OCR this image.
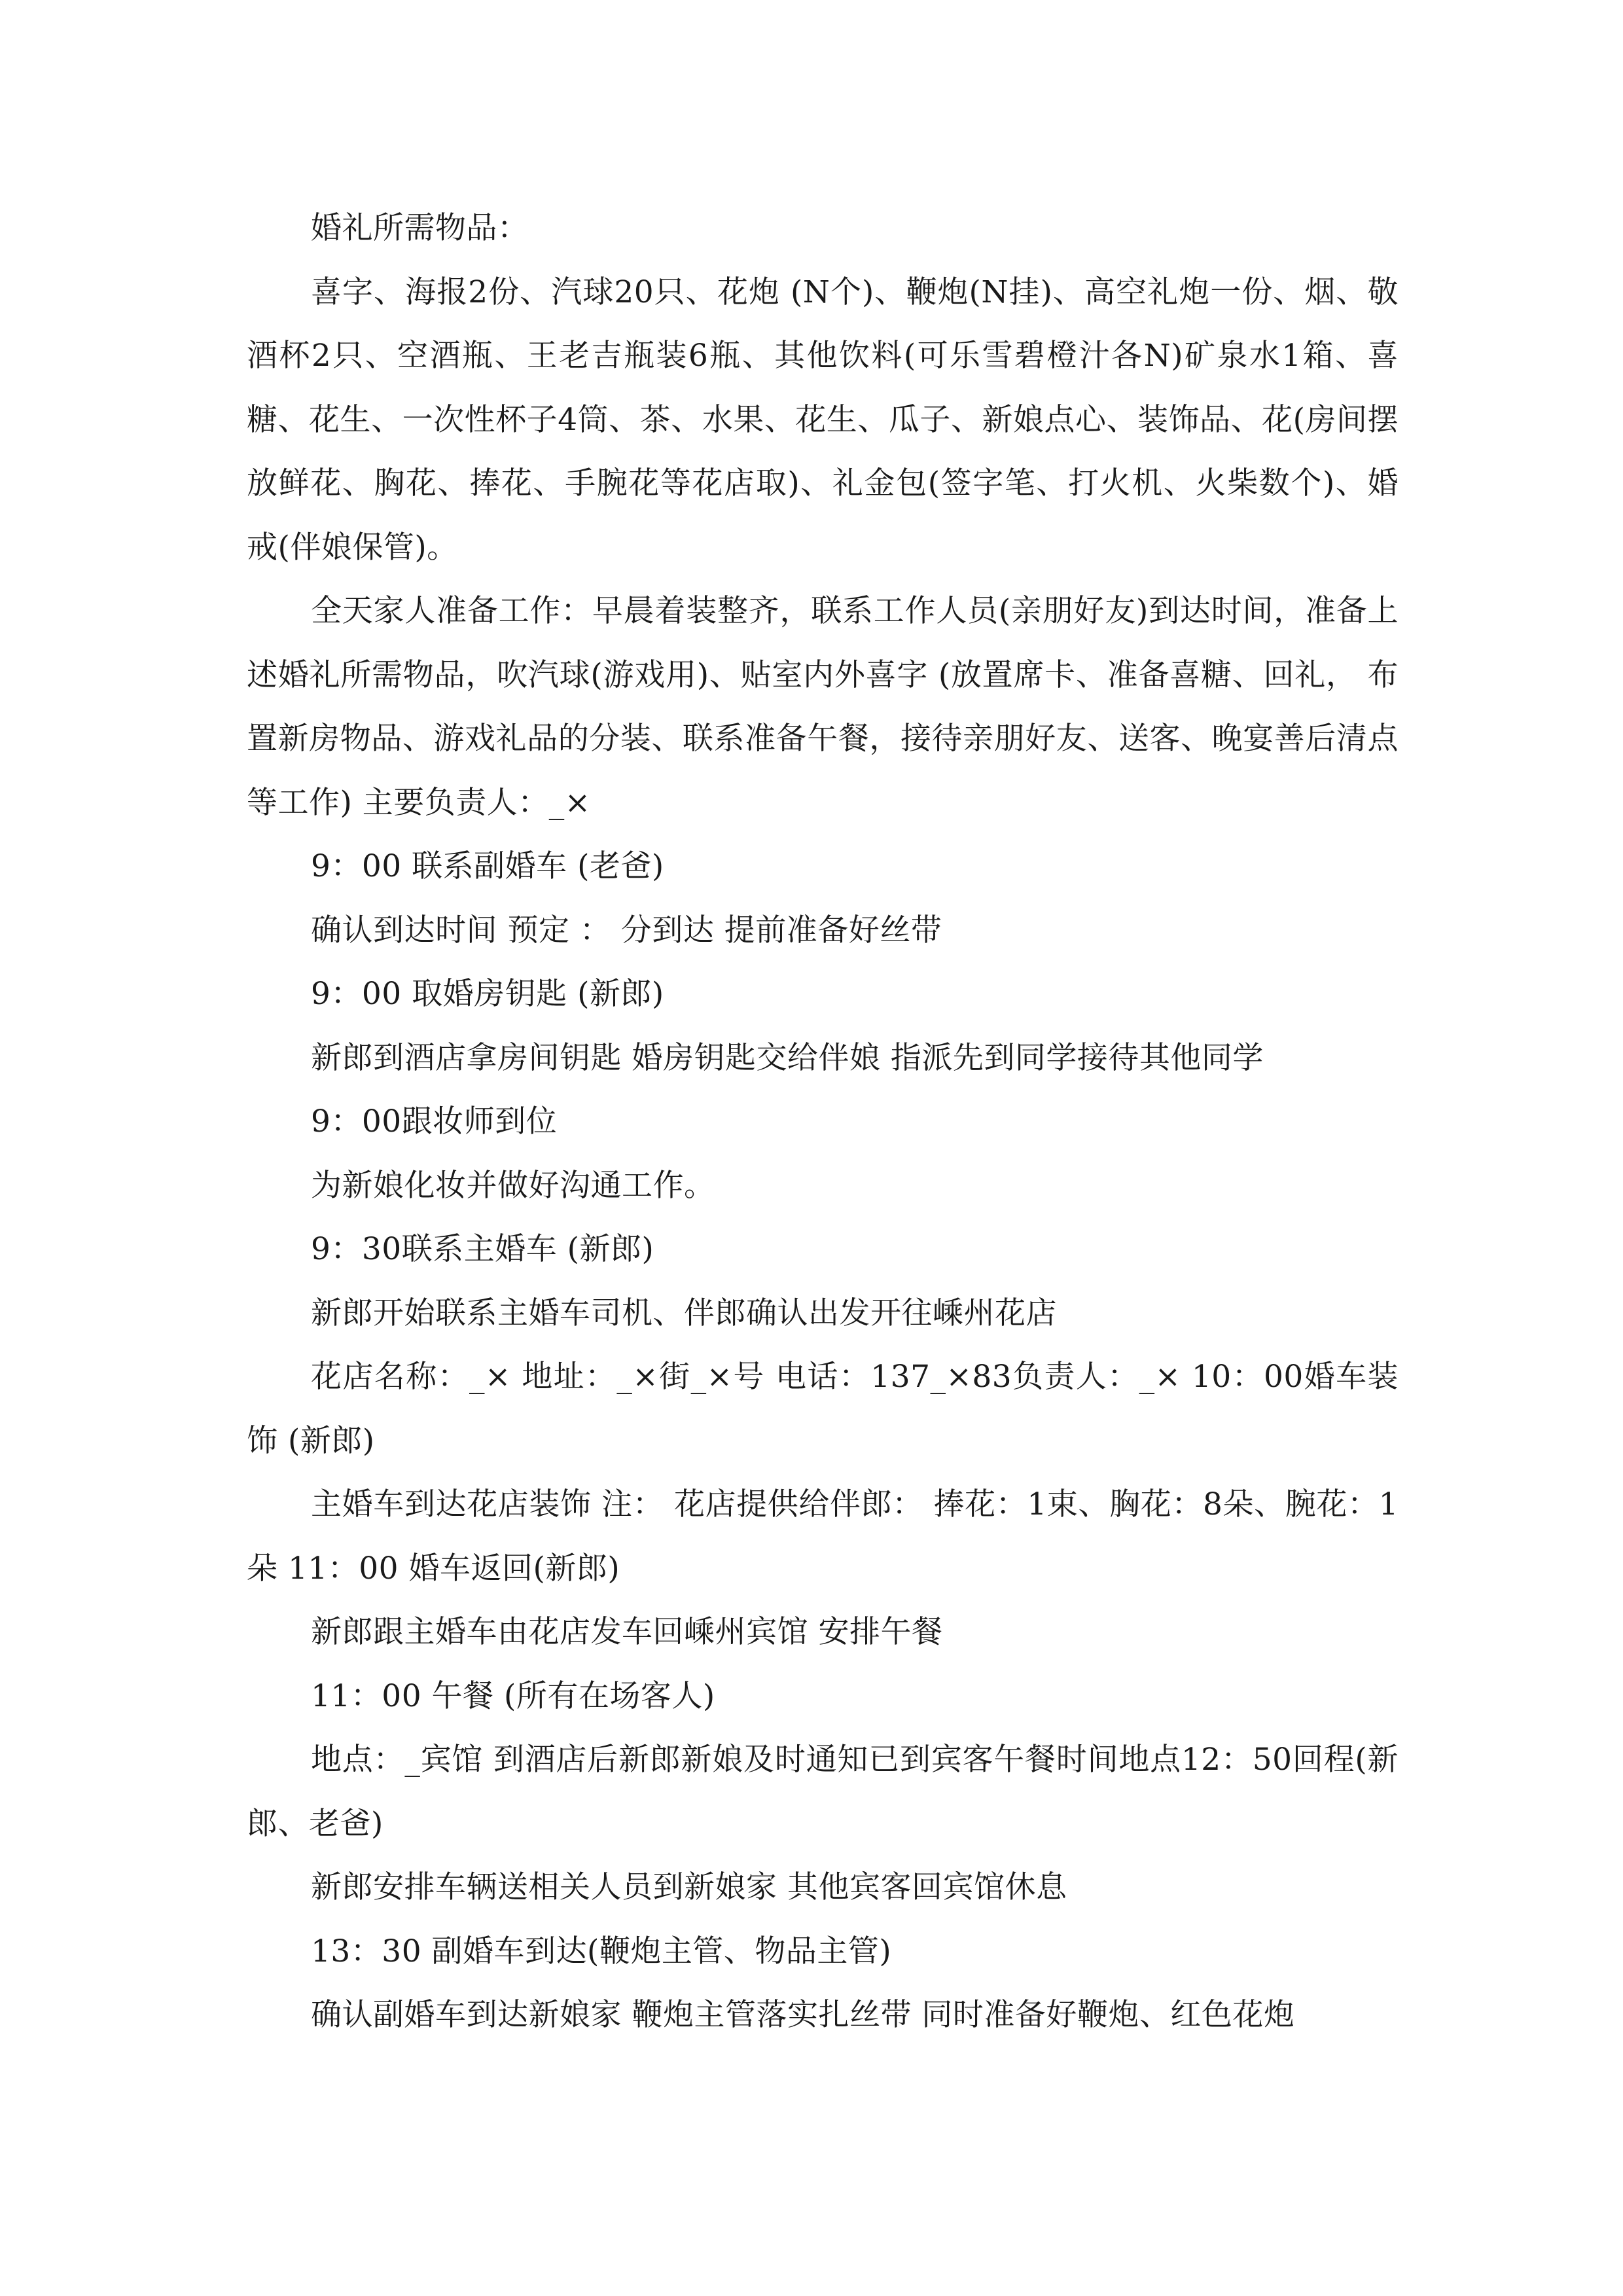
婚礼所需物品：

喜字、海报2份、汽球20只、花炮 (N个)、鞭炮(N挂)、高空礼炮一份、烟、敬酒杯2只、空酒瓶、王老吉瓶装6瓶、其他饮料(可乐雪碧橙汁各N)矿泉水1箱、喜糖、花生、一次性杯子4筒、茶、水果、花生、瓜子、新娘点心、装饰品、花(房间摆放鲜花、胸花、捧花、手腕花等花店取)、礼金包(签字笔、打火机、火柴数个)、婚戒(伴娘保管)。

全天家人准备工作：早晨着装整齐，联系工作人员(亲朋好友)到达时间，准备上述婚礼所需物品，吹汽球(游戏用)、贴室内外喜字 (放置席卡、准备喜糖、回礼， 布置新房物品、游戏礼品的分装、联系准备午餐，接待亲朋好友、送客、晚宴善后清点等工作) 主要负责人：_×

9：00 联系副婚车 (老爸)

确认到达时间 预定 ： 分到达 提前准备好丝带

9：00 取婚房钥匙 (新郎)

新郎到酒店拿房间钥匙 婚房钥匙交给伴娘 指派先到同学接待其他同学

9：00跟妆师到位

为新娘化妆并做好沟通工作。

9：30联系主婚车 (新郎)

新郎开始联系主婚车司机、伴郎确认出发开往嵊州花店

花店名称：_× 地址：_×街_×号 电话：137_×83负责人：_× 10：00婚车装饰 (新郎)

主婚车到达花店装饰 注： 花店提供给伴郎： 捧花：1束、胸花：8朵、腕花：1朵 11：00 婚车返回(新郎)

新郎跟主婚车由花店发车回嵊州宾馆 安排午餐

11：00 午餐 (所有在场客人)

地点：_宾馆 到酒店后新郎新娘及时通知已到宾客午餐时间地点12：50回程(新郎、老爸)

新郎安排车辆送相关人员到新娘家 其他宾客回宾馆休息

13：30 副婚车到达(鞭炮主管、物品主管)

确认副婚车到达新娘家 鞭炮主管落实扎丝带 同时准备好鞭炮、红色花炮
